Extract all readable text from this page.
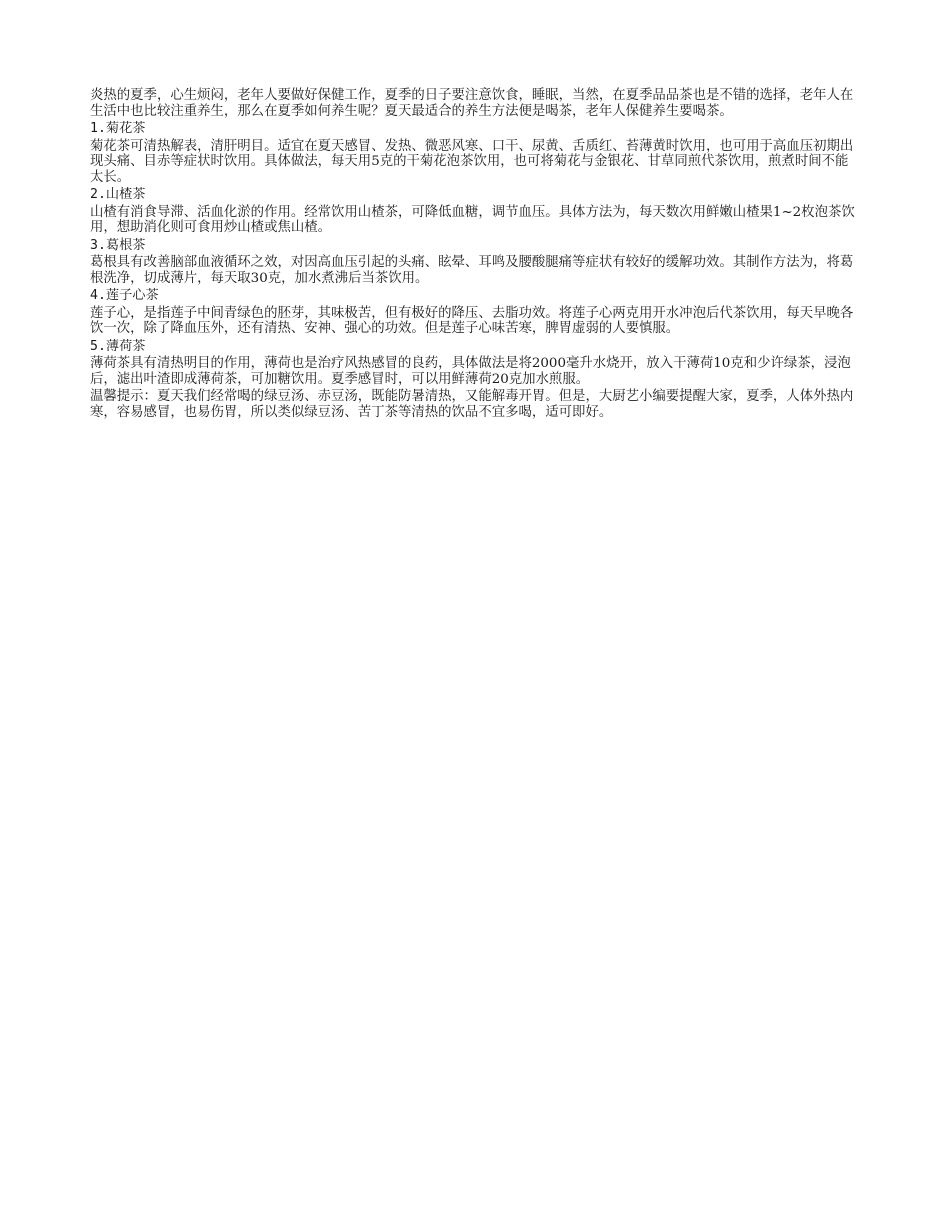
炎热的夏季，心生烦闷，老年人要做好保健工作，夏季的日子要注意饮食，睡眠，当然，在夏季品品茶也是不错的选择，老年人在生活中也比较注重养生，那么在夏季如何养生呢？夏天最适合的养生方法便是喝茶，老年人保健养生要喝茶。

1.菊花茶

菊花茶可清热解表，清肝明目。适宜在夏天感冒、发热、微恶风寒、口干、尿黄、舌质红、苔薄黄时饮用，也可用于高血压初期出现头痛、目赤等症状时饮用。具体做法，每天用5克的干菊花泡茶饮用，也可将菊花与金银花、甘草同煎代茶饮用，煎煮时间不能太长。

2.山楂茶

山楂有消食导滞、活血化淤的作用。经常饮用山楂茶，可降低血糖，调节血压。具体方法为，每天数次用鲜嫩山楂果1~2枚泡茶饮用，想助消化则可食用炒山楂或焦山楂。

3.葛根茶

葛根具有改善脑部血液循环之效，对因高血压引起的头痛、眩晕、耳鸣及腰酸腿痛等症状有较好的缓解功效。其制作方法为，将葛根洗净，切成薄片，每天取30克，加水煮沸后当茶饮用。

4.莲子心茶

莲子心，是指莲子中间青绿色的胚芽，其味极苦，但有极好的降压、去脂功效。将莲子心两克用开水冲泡后代茶饮用，每天早晚各饮一次，除了降血压外，还有清热、安神、强心的功效。但是莲子心味苦寒，脾胃虚弱的人要慎服。

5.薄荷茶

薄荷茶具有清热明目的作用，薄荷也是治疗风热感冒的良药，具体做法是将2000毫升水烧开，放入干薄荷10克和少许绿茶，浸泡后，滤出叶渣即成薄荷茶，可加糖饮用。夏季感冒时，可以用鲜薄荷20克加水煎服。

温馨提示：夏天我们经常喝的绿豆汤、赤豆汤，既能防暑清热，又能解毒开胃。但是，大厨艺小编要提醒大家，夏季，人体外热内寒，容易感冒，也易伤胃，所以类似绿豆汤、苦丁茶等清热的饮品不宜多喝，适可即好。
